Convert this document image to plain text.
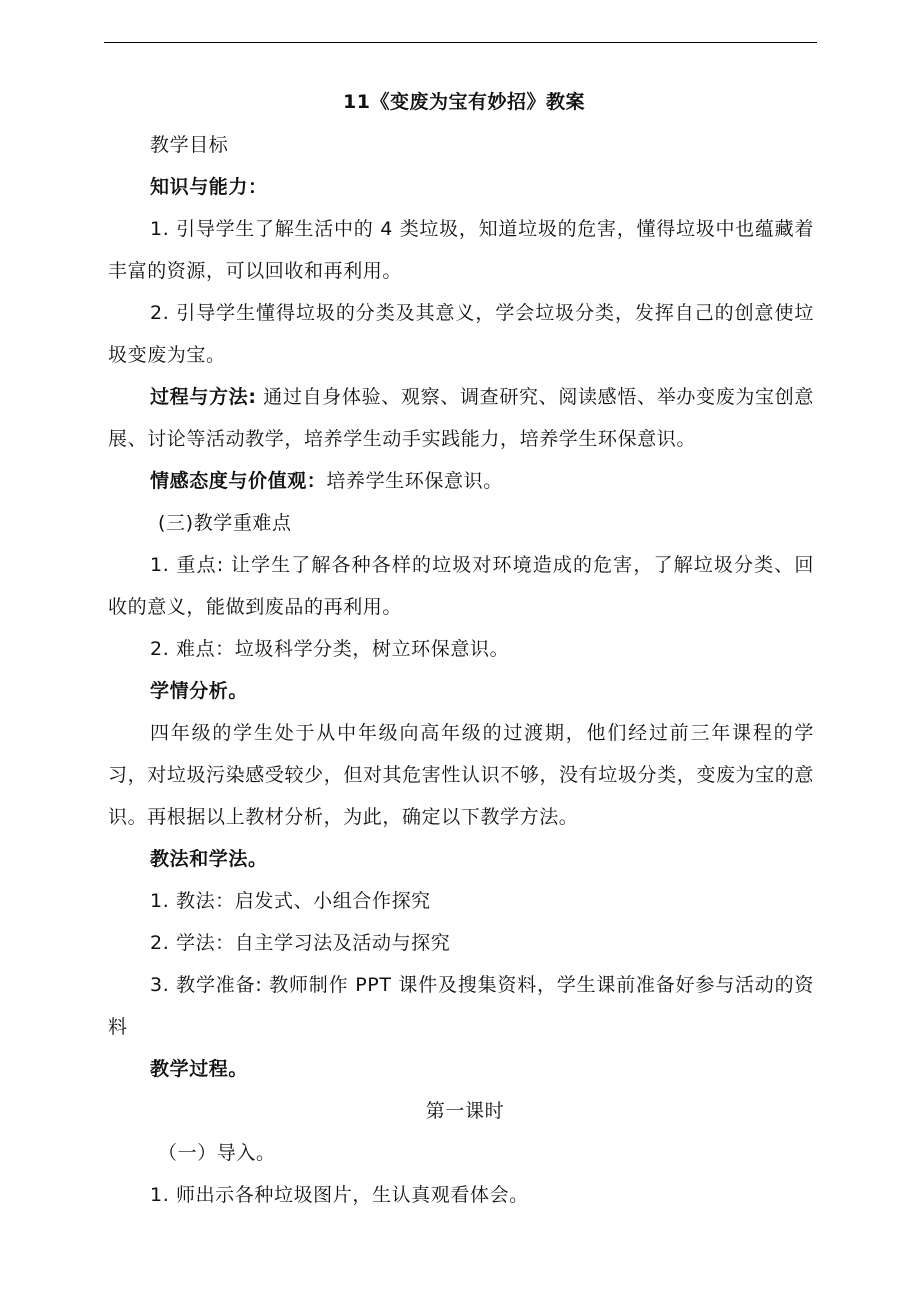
11《变废为宝有妙招》教案

教学目标

知识与能力：

1. 引导学生了解生活中的 4 类垃圾，知道垃圾的危害，懂得垃圾中也蕴藏着丰富的资源，可以回收和再利用。

2. 引导学生懂得垃圾的分类及其意义，学会垃圾分类，发挥自己的创意使垃圾变废为宝。

过程与方法: 通过自身体验、观察、调查研究、阅读感悟、举办变废为宝创意展、讨论等活动教学，培养学生动手实践能力，培养学生环保意识。

情感态度与价值观：培养学生环保意识。

(三)教学重难点

1. 重点: 让学生了解各种各样的垃圾对环境造成的危害，了解垃圾分类、回收的意义，能做到废品的再利用。

2. 难点：垃圾科学分类，树立环保意识。

学情分析。

四年级的学生处于从中年级向高年级的过渡期，他们经过前三年课程的学习，对垃圾污染感受较少，但对其危害性认识不够，没有垃圾分类，变废为宝的意识。再根据以上教材分析，为此，确定以下教学方法。

教法和学法。

1. 教法：启发式、小组合作探究

2. 学法：自主学习法及活动与探究

3. 教学准备: 教师制作 PPT 课件及搜集资料，学生课前准备好参与活动的资料

教学过程。

第一课时

（一）导入。

1. 师出示各种垃圾图片，生认真观看体会。
